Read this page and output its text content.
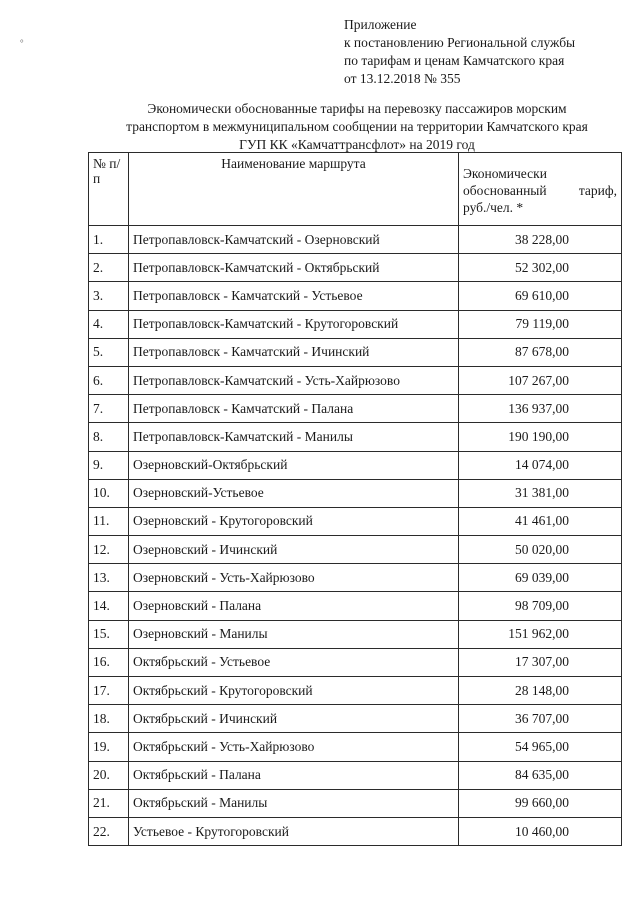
°
Приложение
к постановлению Региональной службы
по тарифам и ценам Камчатского края
от 13.12.2018 № 355
Экономически обоснованные тарифы на перевозку пассажиров морским
транспортом в межмуниципальном сообщении на территории Камчатского края
ГУП КК «Камчаттрансфлот» на 2019 год
№ п/п	Наименование маршрута	Экономически обоснованный тариф, руб./чел. *
1.	Петропавловск-Камчатский - Озерновский	38 228,00
2.	Петропавловск-Камчатский - Октябрьский	52 302,00
3.	Петропавловск - Камчатский - Устьевое	69 610,00
4.	Петропавловск-Камчатский - Крутогоровский	79 119,00
5.	Петропавловск - Камчатский - Ичинский	87 678,00
6.	Петропавловск-Камчатский - Усть-Хайрюзово	107 267,00
7.	Петропавловск - Камчатский - Палана	136 937,00
8.	Петропавловск-Камчатский - Манилы	190 190,00
9.	Озерновский-Октябрьский	14 074,00
10.	Озерновский-Устьевое	31 381,00
11.	Озерновский - Крутогоровский	41 461,00
12.	Озерновский - Ичинский	50 020,00
13.	Озерновский - Усть-Хайрюзово	69 039,00
14.	Озерновский - Палана	98 709,00
15.	Озерновский - Манилы	151 962,00
16.	Октябрьский - Устьевое	17 307,00
17.	Октябрьский - Крутогоровский	28 148,00
18.	Октябрьский - Ичинский	36 707,00
19.	Октябрьский - Усть-Хайрюзово	54 965,00
20.	Октябрьский - Палана	84 635,00
21.	Октябрьский - Манилы	99 660,00
22.	Устьевое - Крутогоровский	10 460,00
